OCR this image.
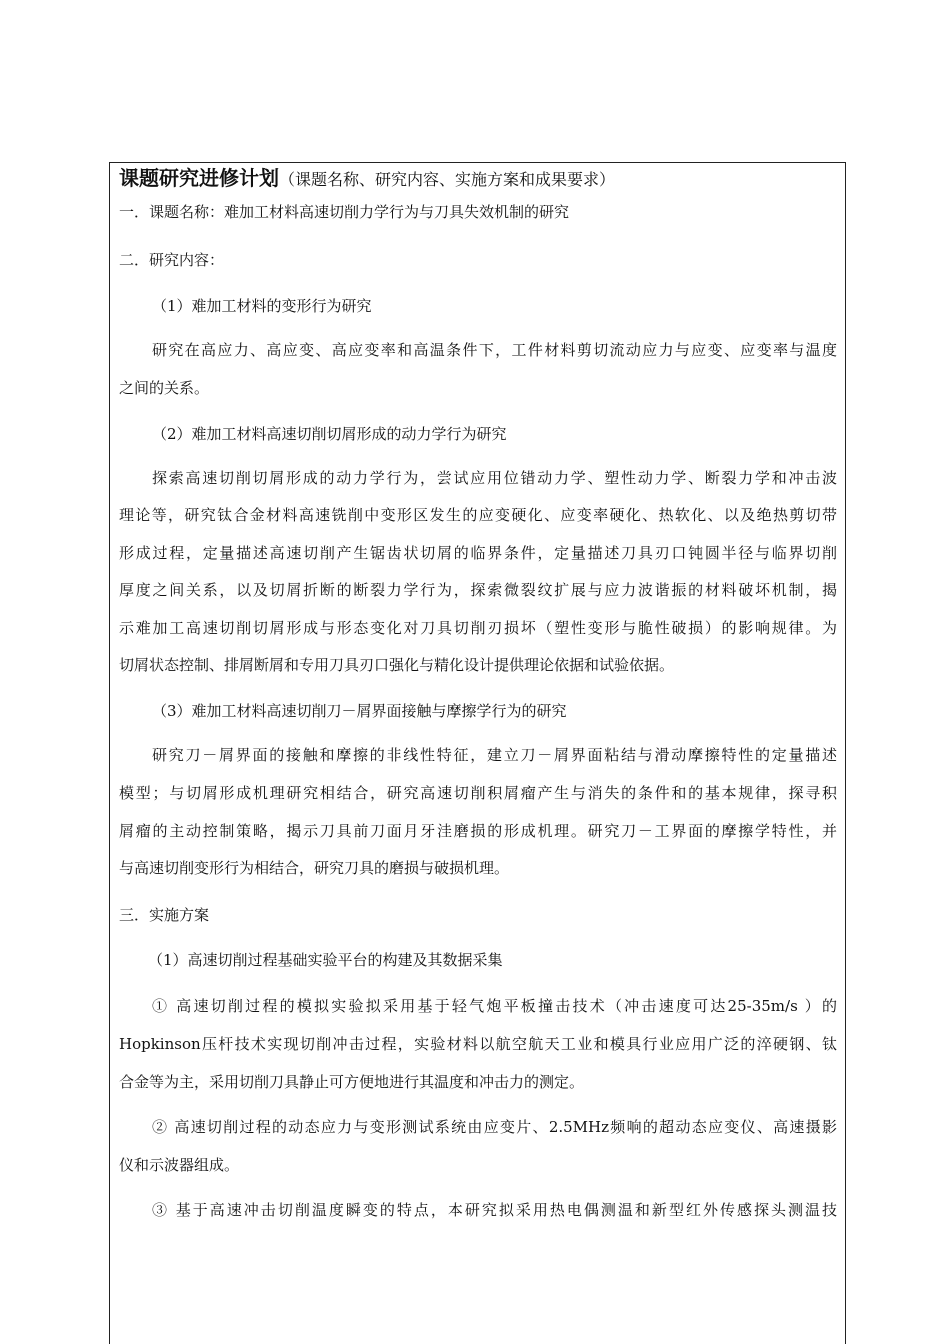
课题研究进修计划（课题名称、研究内容、实施方案和成果要求）
一．课题名称：难加工材料高速切削力学行为与刀具失效机制的研究
二．研究内容：
（1）难加工材料的变形行为研究
研究在高应力、高应变、高应变率和高温条件下，工件材料剪切流动应力与应变、应变率与温度
之间的关系。
（2）难加工材料高速切削切屑形成的动力学行为研究
探索高速切削切屑形成的动力学行为，尝试应用位错动力学、塑性动力学、断裂力学和冲击波
理论等，研究钛合金材料高速铣削中变形区发生的应变硬化、应变率硬化、热软化、以及绝热剪切带
形成过程，定量描述高速切削产生锯齿状切屑的临界条件，定量描述刀具刃口钝圆半径与临界切削
厚度之间关系，以及切屑折断的断裂力学行为，探索微裂纹扩展与应力波谐振的材料破坏机制，揭
示难加工高速切削切屑形成与形态变化对刀具切削刃损坏（塑性变形与脆性破损）的影响规律。为
切屑状态控制、排屑断屑和专用刀具刃口强化与精化设计提供理论依据和试验依据。
（3）难加工材料高速切削刀－屑界面接触与摩擦学行为的研究
研究刀－屑界面的接触和摩擦的非线性特征，建立刀－屑界面粘结与滑动摩擦特性的定量描述
模型；与切屑形成机理研究相结合，研究高速切削积屑瘤产生与消失的条件和的基本规律，探寻积
屑瘤的主动控制策略，揭示刀具前刀面月牙洼磨损的形成机理。研究刀－工界面的摩擦学特性，并
与高速切削变形行为相结合，研究刀具的磨损与破损机理。
三．实施方案
（1）高速切削过程基础实验平台的构建及其数据采集
① 高速切削过程的模拟实验拟采用基于轻气炮平板撞击技术（冲击速度可达25-35m/s ）的
Hopkinson压杆技术实现切削冲击过程，实验材料以航空航天工业和模具行业应用广泛的淬硬钢、钛
合金等为主，采用切削刀具静止可方便地进行其温度和冲击力的测定。
② 高速切削过程的动态应力与变形测试系统由应变片、2.5MHz频响的超动态应变仪、高速摄影
仪和示波器组成。
③ 基于高速冲击切削温度瞬变的特点，本研究拟采用热电偶测温和新型红外传感探头测温技
